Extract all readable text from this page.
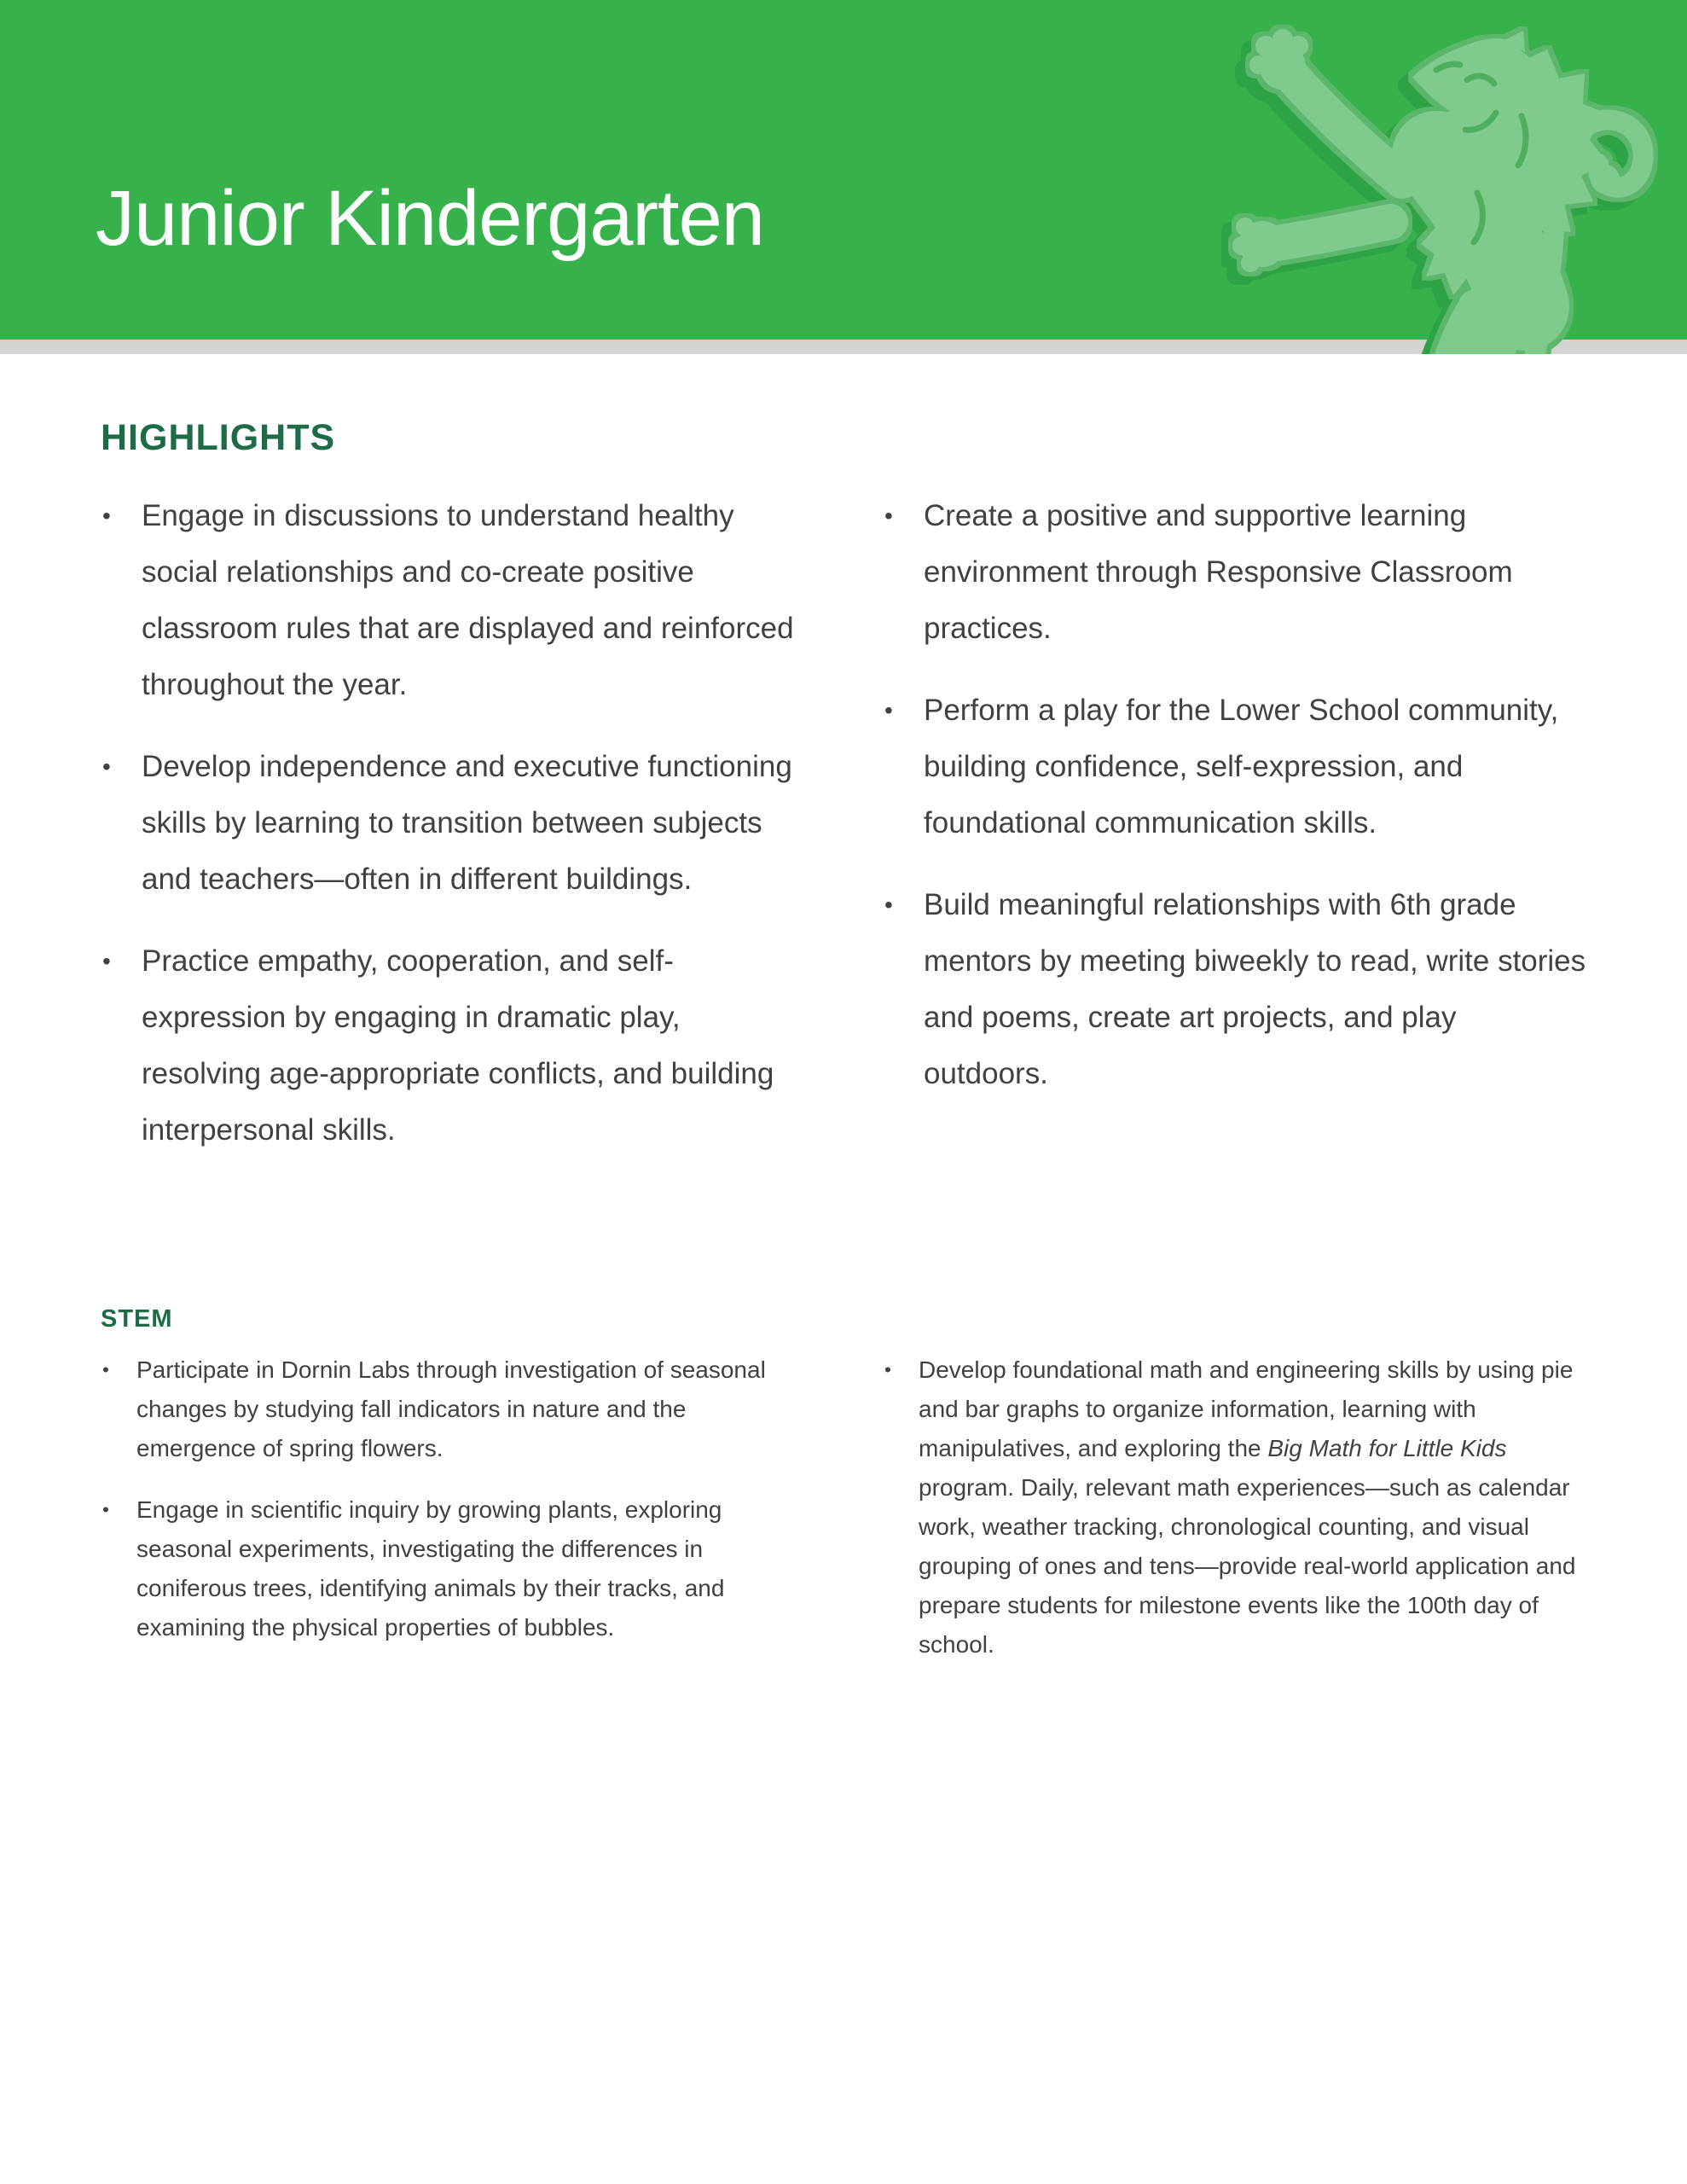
Junior Kindergarten
HIGHLIGHTS
• Engage in discussions to understand healthy social relationships and co-create positive classroom rules that are displayed and reinforced throughout the year.
• Develop independence and executive functioning skills by learning to transition between subjects and teachers—often in different buildings.
• Practice empathy, cooperation, and self-expression by engaging in dramatic play, resolving age-appropriate conflicts, and building interpersonal skills.
• Create a positive and supportive learning environment through Responsive Classroom practices.
• Perform a play for the Lower School community, building confidence, self-expression, and foundational communication skills.
• Build meaningful relationships with 6th grade mentors by meeting biweekly to read, write stories and poems, create art projects, and play outdoors.
STEM
• Participate in Dornin Labs through investigation of seasonal changes by studying fall indicators in nature and the emergence of spring flowers.
• Engage in scientific inquiry by growing plants, exploring seasonal experiments, investigating the differences in coniferous trees, identifying animals by their tracks, and examining the physical properties of bubbles.
• Develop foundational math and engineering skills by using pie and bar graphs to organize information, learning with manipulatives, and exploring the Big Math for Little Kids program. Daily, relevant math experiences—such as calendar work, weather tracking, chronological counting, and visual grouping of ones and tens—provide real-world application and prepare students for milestone events like the 100th day of school.
